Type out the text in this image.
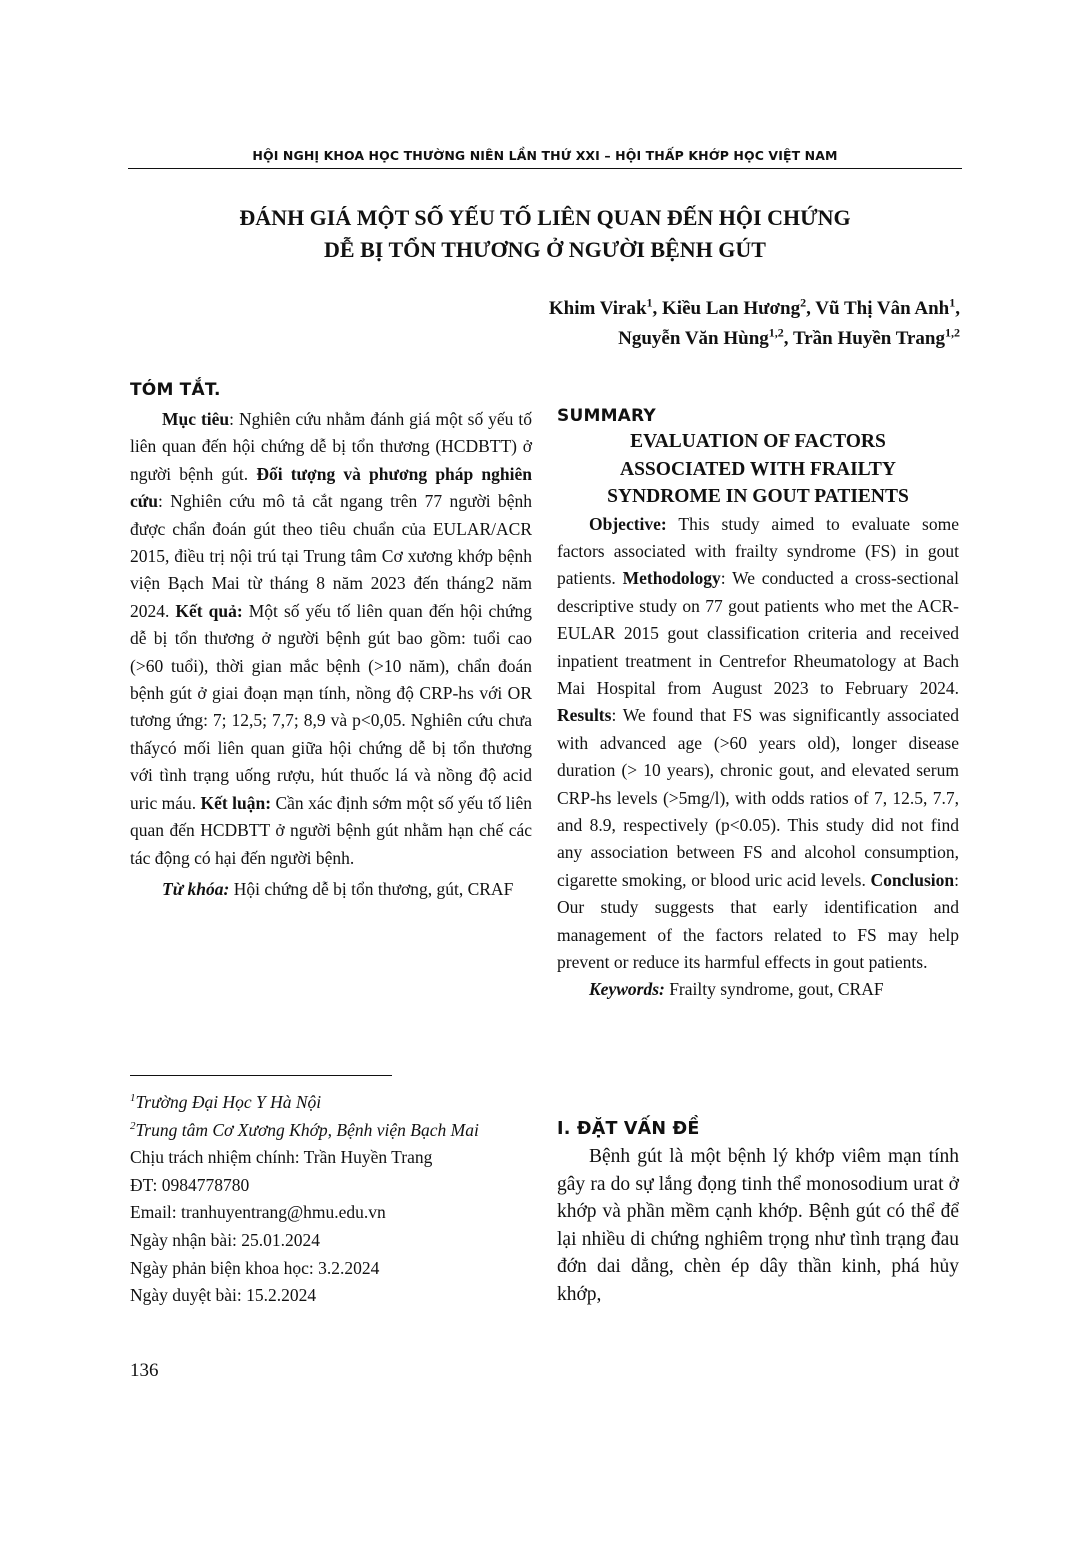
HỘI NGHỊ KHOA HỌC THƯỜNG NIÊN LẦN THỨ XXI – HỘI THẤP KHỚP HỌC VIỆT NAM
ĐÁNH GIÁ MỘT SỐ YẾU TỐ LIÊN QUAN ĐẾN HỘI CHỨNG
DỄ BỊ TỔN THƯƠNG Ở NGƯỜI BỆNH GÚT
Khim Virak$^1$, Kiều Lan Hương$^2$, Vũ Thị Vân Anh$^1$,
Nguyễn Văn Hùng$^{1,2}$, Trần Huyền Trang$^{1,2}$
TÓM TẮT.

Mục tiêu: Nghiên cứu nhằm đánh giá một số yếu tố liên quan đến hội chứng dễ bị tổn thương (HCDBTT) ở người bệnh gút. Đối tượng và phương pháp nghiên cứu: Nghiên cứu mô tả cắt ngang trên 77 người bệnh được chẩn đoán gút theo tiêu chuẩn của EULAR/ACR 2015, điều trị nội trú tại Trung tâm Cơ xương khớp bệnh viện Bạch Mai từ tháng 8 năm 2023 đến tháng2 năm 2024. Kết quả: Một số yếu tố liên quan đến hội chứng dễ bị tổn thương ở người bệnh gút bao gồm: tuổi cao (>60 tuổi), thời gian mắc bệnh (>10 năm), chẩn đoán bệnh gút ở giai đoạn mạn tính, nồng độ CRP-hs với OR tương ứng: 7; 12,5; 7,7; 8,9 và p<0,05. Nghiên cứu chưa thấycó mối liên quan giữa hội chứng dễ bị tổn thương với tình trạng uống rượu, hút thuốc lá và nồng độ acid uric máu. Kết luận: Cần xác định sớm một số yếu tố liên quan đến HCDBTT ở người bệnh gút nhằm hạn chế các tác động có hại đến người bệnh.

Từ khóa: Hội chứng dễ bị tổn thương, gút, CRAF

$^1$Trường Đại Học Y Hà Nội
$^2$Trung tâm Cơ Xương Khớp, Bệnh viện Bạch Mai
Chịu trách nhiệm chính: Trần Huyền Trang
ĐT: 0984778780
Email: tranhuyentrang@hmu.edu.vn
Ngày nhận bài: 25.01.2024
Ngày phản biện khoa học: 3.2.2024
Ngày duyệt bài: 15.2.2024
SUMMARY
EVALUATION OF FACTORS
ASSOCIATED WITH FRAILTY
SYNDROME IN GOUT PATIENTS

Objective: This study aimed to evaluate some factors associated with frailty syndrome (FS) in gout patients. Methodology: We conducted a cross-sectional descriptive study on 77 gout patients who met the ACR-EULAR 2015 gout classification criteria and received inpatient treatment in Centrefor Rheumatology at Bach Mai Hospital from August 2023 to February 2024. Results: We found that FS was significantly associated with advanced age (>60 years old), longer disease duration (> 10 years), chronic gout, and elevated serum CRP-hs levels (>5mg/l), with odds ratios of 7, 12.5, 7.7, and 8.9, respectively (p<0.05). This study did not find any association between FS and alcohol consumption, cigarette smoking, or blood uric acid levels. Conclusion: Our study suggests that early identification and management of the factors related to FS may help prevent or reduce its harmful effects in gout patients.

Keywords: Frailty syndrome, gout, CRAF

I. ĐẶT VẤN ĐỀ

Bệnh gút là một bệnh lý khớp viêm mạn tính gây ra do sự lắng đọng tinh thể monosodium urat ở khớp và phần mềm cạnh khớp. Bệnh gút có thể để lại nhiều di chứng nghiêm trọng như tình trạng đau đớn dai dẳng, chèn ép dây thần kinh, phá hủy khớp,

136
